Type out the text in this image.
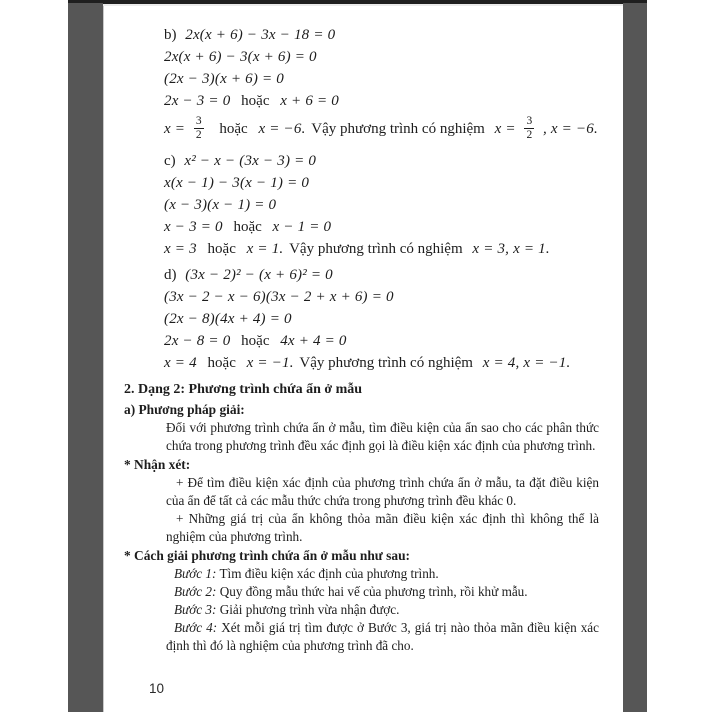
b) 2x(x + 6) − 3x − 18 = 0
2x(x + 6) − 3(x + 6) = 0
(2x − 3)(x + 6) = 0
2x − 3 = 0 hoặc x + 6 = 0
$x = \frac{3}{2}$ hoặc x = −6. Vậy phương trình có nghiệm $x = \frac{3}{2}$ , x = −6.
c) x² − x − (3x − 3) = 0
x(x − 1) − 3(x − 1) = 0
(x − 3)(x − 1) = 0
x − 3 = 0 hoặc x − 1 = 0
x = 3 hoặc x = 1. Vậy phương trình có nghiệm x = 3, x = 1.
d) (3x − 2)² − (x + 6)² = 0
(3x − 2 − x − 6)(3x − 2 + x + 6) = 0
(2x − 8)(4x + 4) = 0
2x − 8 = 0 hoặc 4x + 4 = 0
x = 4 hoặc x = −1. Vậy phương trình có nghiệm x = 4, x = −1.
2. Dạng 2: Phương trình chứa ẩn ở mẫu
a) Phương pháp giải:

Đối với phương trình chứa ẩn ở mẫu, tìm điều kiện của ẩn sao cho các phân thức chứa trong phương trình đều xác định gọi là điều kiện xác định của phương trình.

* Nhận xét:

+ Để tìm điều kiện xác định của phương trình chứa ẩn ở mẫu, ta đặt điều kiện của ẩn để tất cả các mẫu thức chứa trong phương trình đều khác 0.

+ Những giá trị của ẩn không thỏa mãn điều kiện xác định thì không thể là nghiệm của phương trình.

* Cách giải phương trình chứa ẩn ở mẫu như sau:
Bước 1: Tìm điều kiện xác định của phương trình.
Bước 2: Quy đồng mẫu thức hai vế của phương trình, rồi khử mẫu.
Bước 3: Giải phương trình vừa nhận được.
Bước 4: Xét mỗi giá trị tìm được ở Bước 3, giá trị nào thỏa mãn điều kiện xác định thì đó là nghiệm của phương trình đã cho.
10
